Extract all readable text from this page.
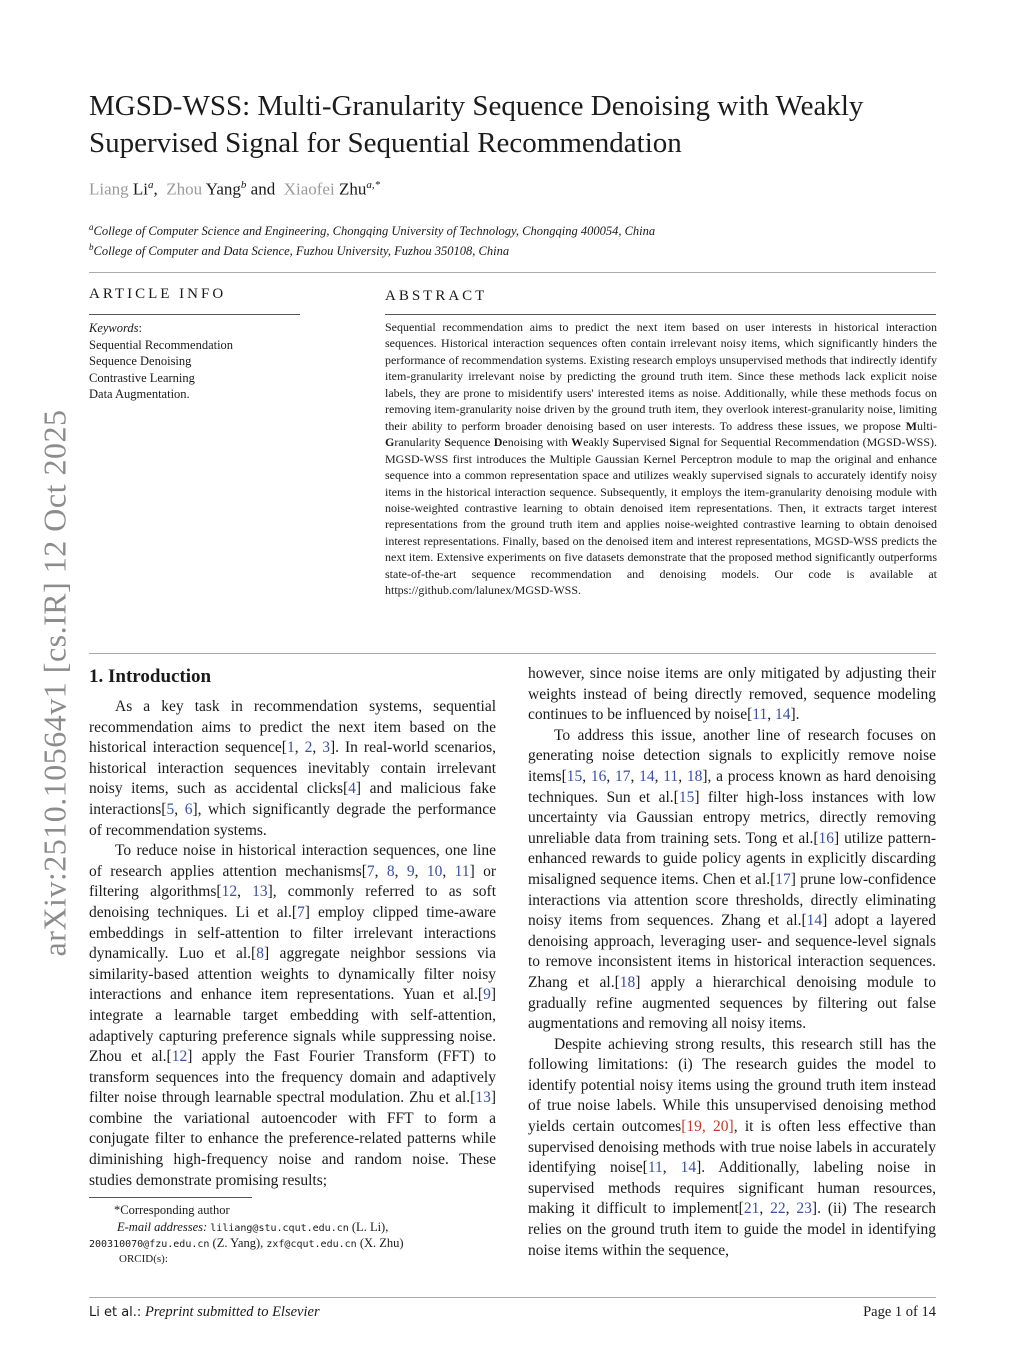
arXiv:2510.10564v1 [cs.IR] 12 Oct 2025
MGSD-WSS: Multi-Granularity Sequence Denoising with Weakly Supervised Signal for Sequential Recommendation
Liang Li$^a$,  Zhou Yang$^b$ and  Xiaofei Zhu$^{a,*}$
$^a$College of Computer Science and Engineering, Chongqing University of Technology, Chongqing 400054, China
$^b$College of Computer and Data Science, Fuzhou University, Fuzhou 350108, China
ARTICLE INFO	ABSTRACT
Keywords:
Sequential Recommendation
Sequence Denoising
Contrastive Learning
Data Augmentation.
Sequential recommendation aims to predict the next item based on user interests in historical interaction sequences. Historical interaction sequences often contain irrelevant noisy items, which significantly hinders the performance of recommendation systems. Existing research employs unsupervised methods that indirectly identify item-granularity irrelevant noise by predicting the ground truth item. Since these methods lack explicit noise labels, they are prone to misidentify users' interested items as noise. Additionally, while these methods focus on removing item-granularity noise driven by the ground truth item, they overlook interest-granularity noise, limiting their ability to perform broader denoising based on user interests. To address these issues, we propose Multi-Granularity Sequence Denoising with Weakly Supervised Signal for Sequential Recommendation (MGSD-WSS). MGSD-WSS first introduces the Multiple Gaussian Kernel Perceptron module to map the original and enhance sequence into a common representation space and utilizes weakly supervised signals to accurately identify noisy items in the historical interaction sequence. Subsequently, it employs the item-granularity denoising module with noise-weighted contrastive learning to obtain denoised item representations. Then, it extracts target interest representations from the ground truth item and applies noise-weighted contrastive learning to obtain denoised interest representations. Finally, based on the denoised item and interest representations, MGSD-WSS predicts the next item. Extensive experiments on five datasets demonstrate that the proposed method significantly outperforms state-of-the-art sequence recommendation and denoising models. Our code is available at https://github.com/lalunex/MGSD-WSS.
1. Introduction

As a key task in recommendation systems, sequential recommendation aims to predict the next item based on the historical interaction sequence[1, 2, 3]. In real-world scenarios, historical interaction sequences inevitably contain irrelevant noisy items, such as accidental clicks[4] and malicious fake interactions[5, 6], which significantly degrade the performance of recommendation systems.

To reduce noise in historical interaction sequences, one line of research applies attention mechanisms[7, 8, 9, 10, 11] or filtering algorithms[12, 13], commonly referred to as soft denoising techniques. Li et al.[7] employ clipped time-aware embeddings in self-attention to filter irrelevant interactions dynamically. Luo et al.[8] aggregate neighbor sessions via similarity-based attention weights to dynamically filter noisy interactions and enhance item representations. Yuan et al.[9] integrate a learnable target embedding with self-attention, adaptively capturing preference signals while suppressing noise. Zhou et al.[12] apply the Fast Fourier Transform (FFT) to transform sequences into the frequency domain and adaptively filter noise through learnable spectral modulation. Zhu et al.[13] combine the variational autoencoder with FFT to form a conjugate filter to enhance the preference-related patterns while diminishing high-frequency noise and random noise. These studies demonstrate promising results;

*Corresponding author
E-mail addresses: liliang@stu.cqut.edu.cn (L. Li),
200310070@fzu.edu.cn (Z. Yang), zxf@cqut.edu.cn (X. Zhu)
ORCID(s):

however, since noise items are only mitigated by adjusting their weights instead of being directly removed, sequence modeling continues to be influenced by noise[11, 14].

To address this issue, another line of research focuses on generating noise detection signals to explicitly remove noise items[15, 16, 17, 14, 11, 18], a process known as hard denoising techniques. Sun et al.[15] filter high-loss instances with low uncertainty via Gaussian entropy metrics, directly removing unreliable data from training sets. Tong et al.[16] utilize pattern-enhanced rewards to guide policy agents in explicitly discarding misaligned sequence items. Chen et al.[17] prune low-confidence interactions via attention score thresholds, directly eliminating noisy items from sequences. Zhang et al.[14] adopt a layered denoising approach, leveraging user- and sequence-level signals to remove inconsistent items in historical interaction sequences. Zhang et al.[18] apply a hierarchical denoising module to gradually refine augmented sequences by filtering out false augmentations and removing all noisy items.

Despite achieving strong results, this research still has the following limitations: (i) The research guides the model to identify potential noisy items using the ground truth item instead of true noise labels. While this unsupervised denoising method yields certain outcomes[19, 20], it is often less effective than supervised denoising methods with true noise labels in accurately identifying noise[11, 14]. Additionally, labeling noise in supervised methods requires significant human resources, making it difficult to implement[21, 22, 23]. (ii) The research relies on the ground truth item to guide the model in identifying noise items within the sequence,

Li et al.: Preprint submitted to Elsevier	Page 1 of 14
